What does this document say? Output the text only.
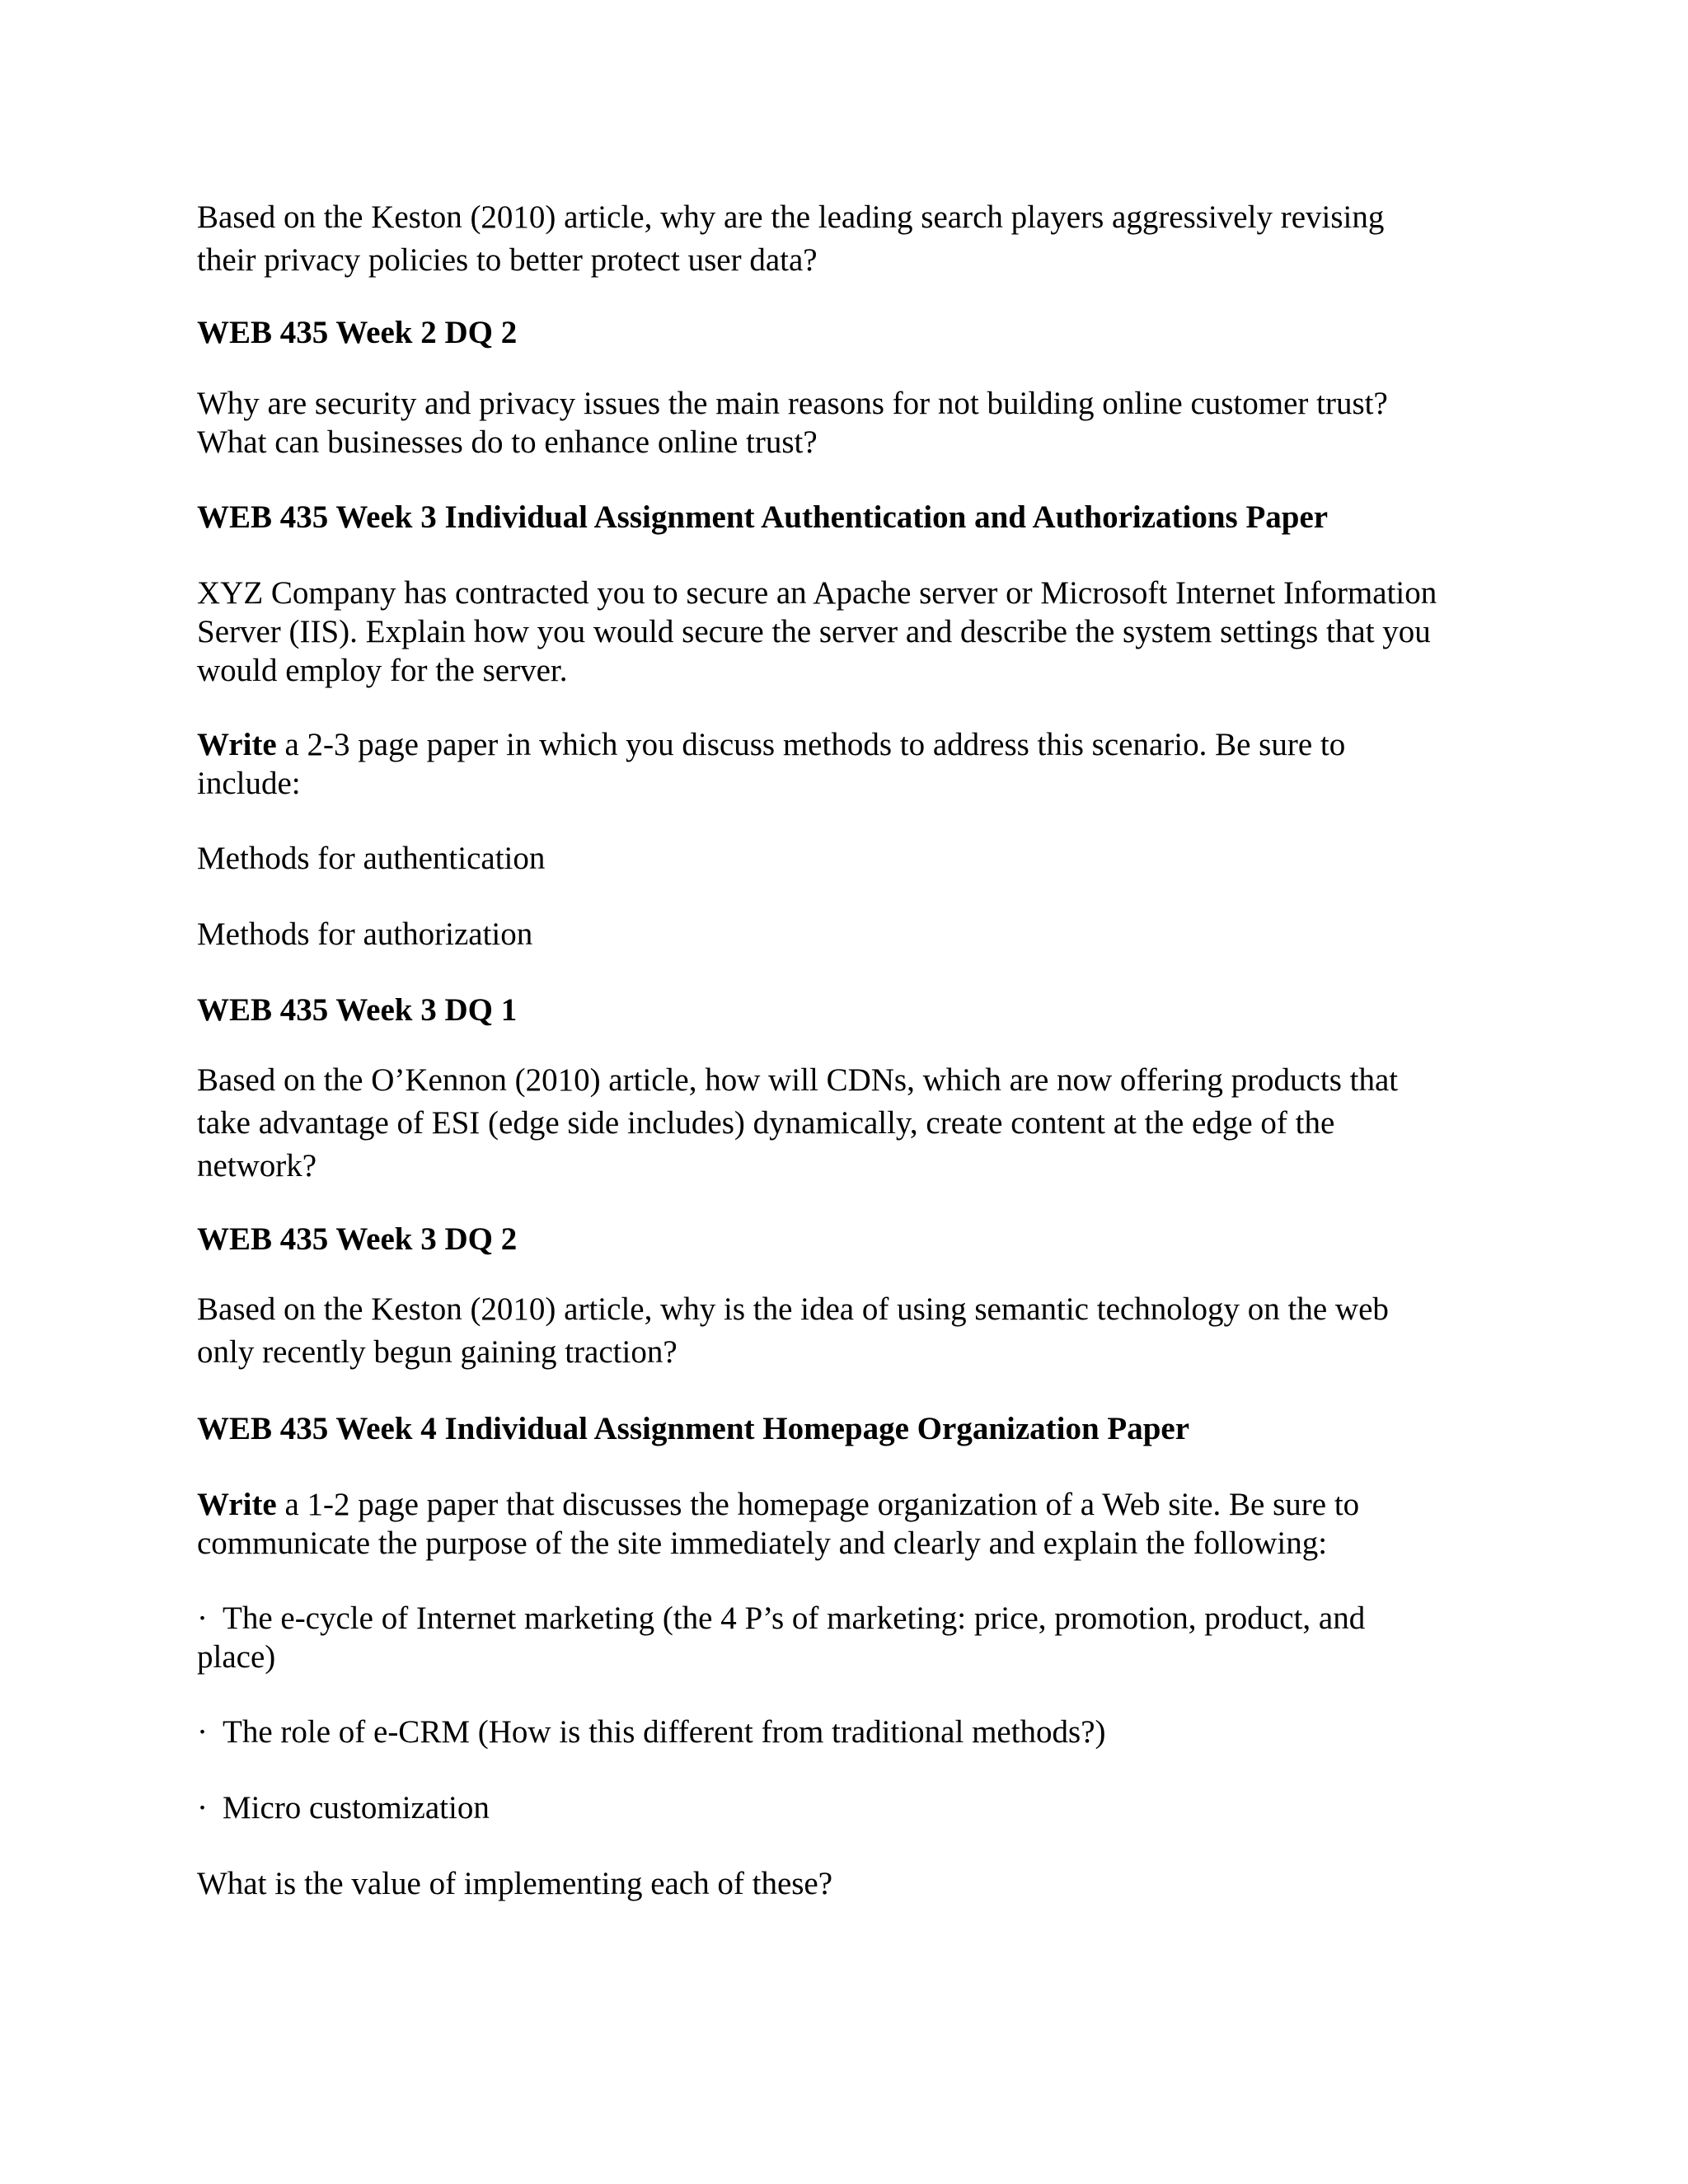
Based on the Keston (2010) article, why are the leading search players aggressively revising
their privacy policies to better protect user data?

WEB 435 Week 2 DQ 2

Why are security and privacy issues the main reasons for not building online customer trust?
What can businesses do to enhance online trust?

WEB 435 Week 3 Individual Assignment Authentication and Authorizations Paper

XYZ Company has contracted you to secure an Apache server or Microsoft Internet Information
Server (IIS). Explain how you would secure the server and describe the system settings that you
would employ for the server.

Write a 2-3 page paper in which you discuss methods to address this scenario. Be sure to
include:

Methods for authentication

Methods for authorization

WEB 435 Week 3 DQ 1

Based on the O’Kennon (2010) article, how will CDNs, which are now offering products that
take advantage of ESI (edge side includes) dynamically, create content at the edge of the
network?

WEB 435 Week 3 DQ 2

Based on the Keston (2010) article, why is the idea of using semantic technology on the web
only recently begun gaining traction?

WEB 435 Week 4 Individual Assignment Homepage Organization Paper

Write a 1-2 page paper that discusses the homepage organization of a Web site. Be sure to
communicate the purpose of the site immediately and clearly and explain the following:

· The e-cycle of Internet marketing (the 4 P’s of marketing: price, promotion, product, and
place)

· The role of e-CRM (How is this different from traditional methods?)

· Micro customization

What is the value of implementing each of these?
